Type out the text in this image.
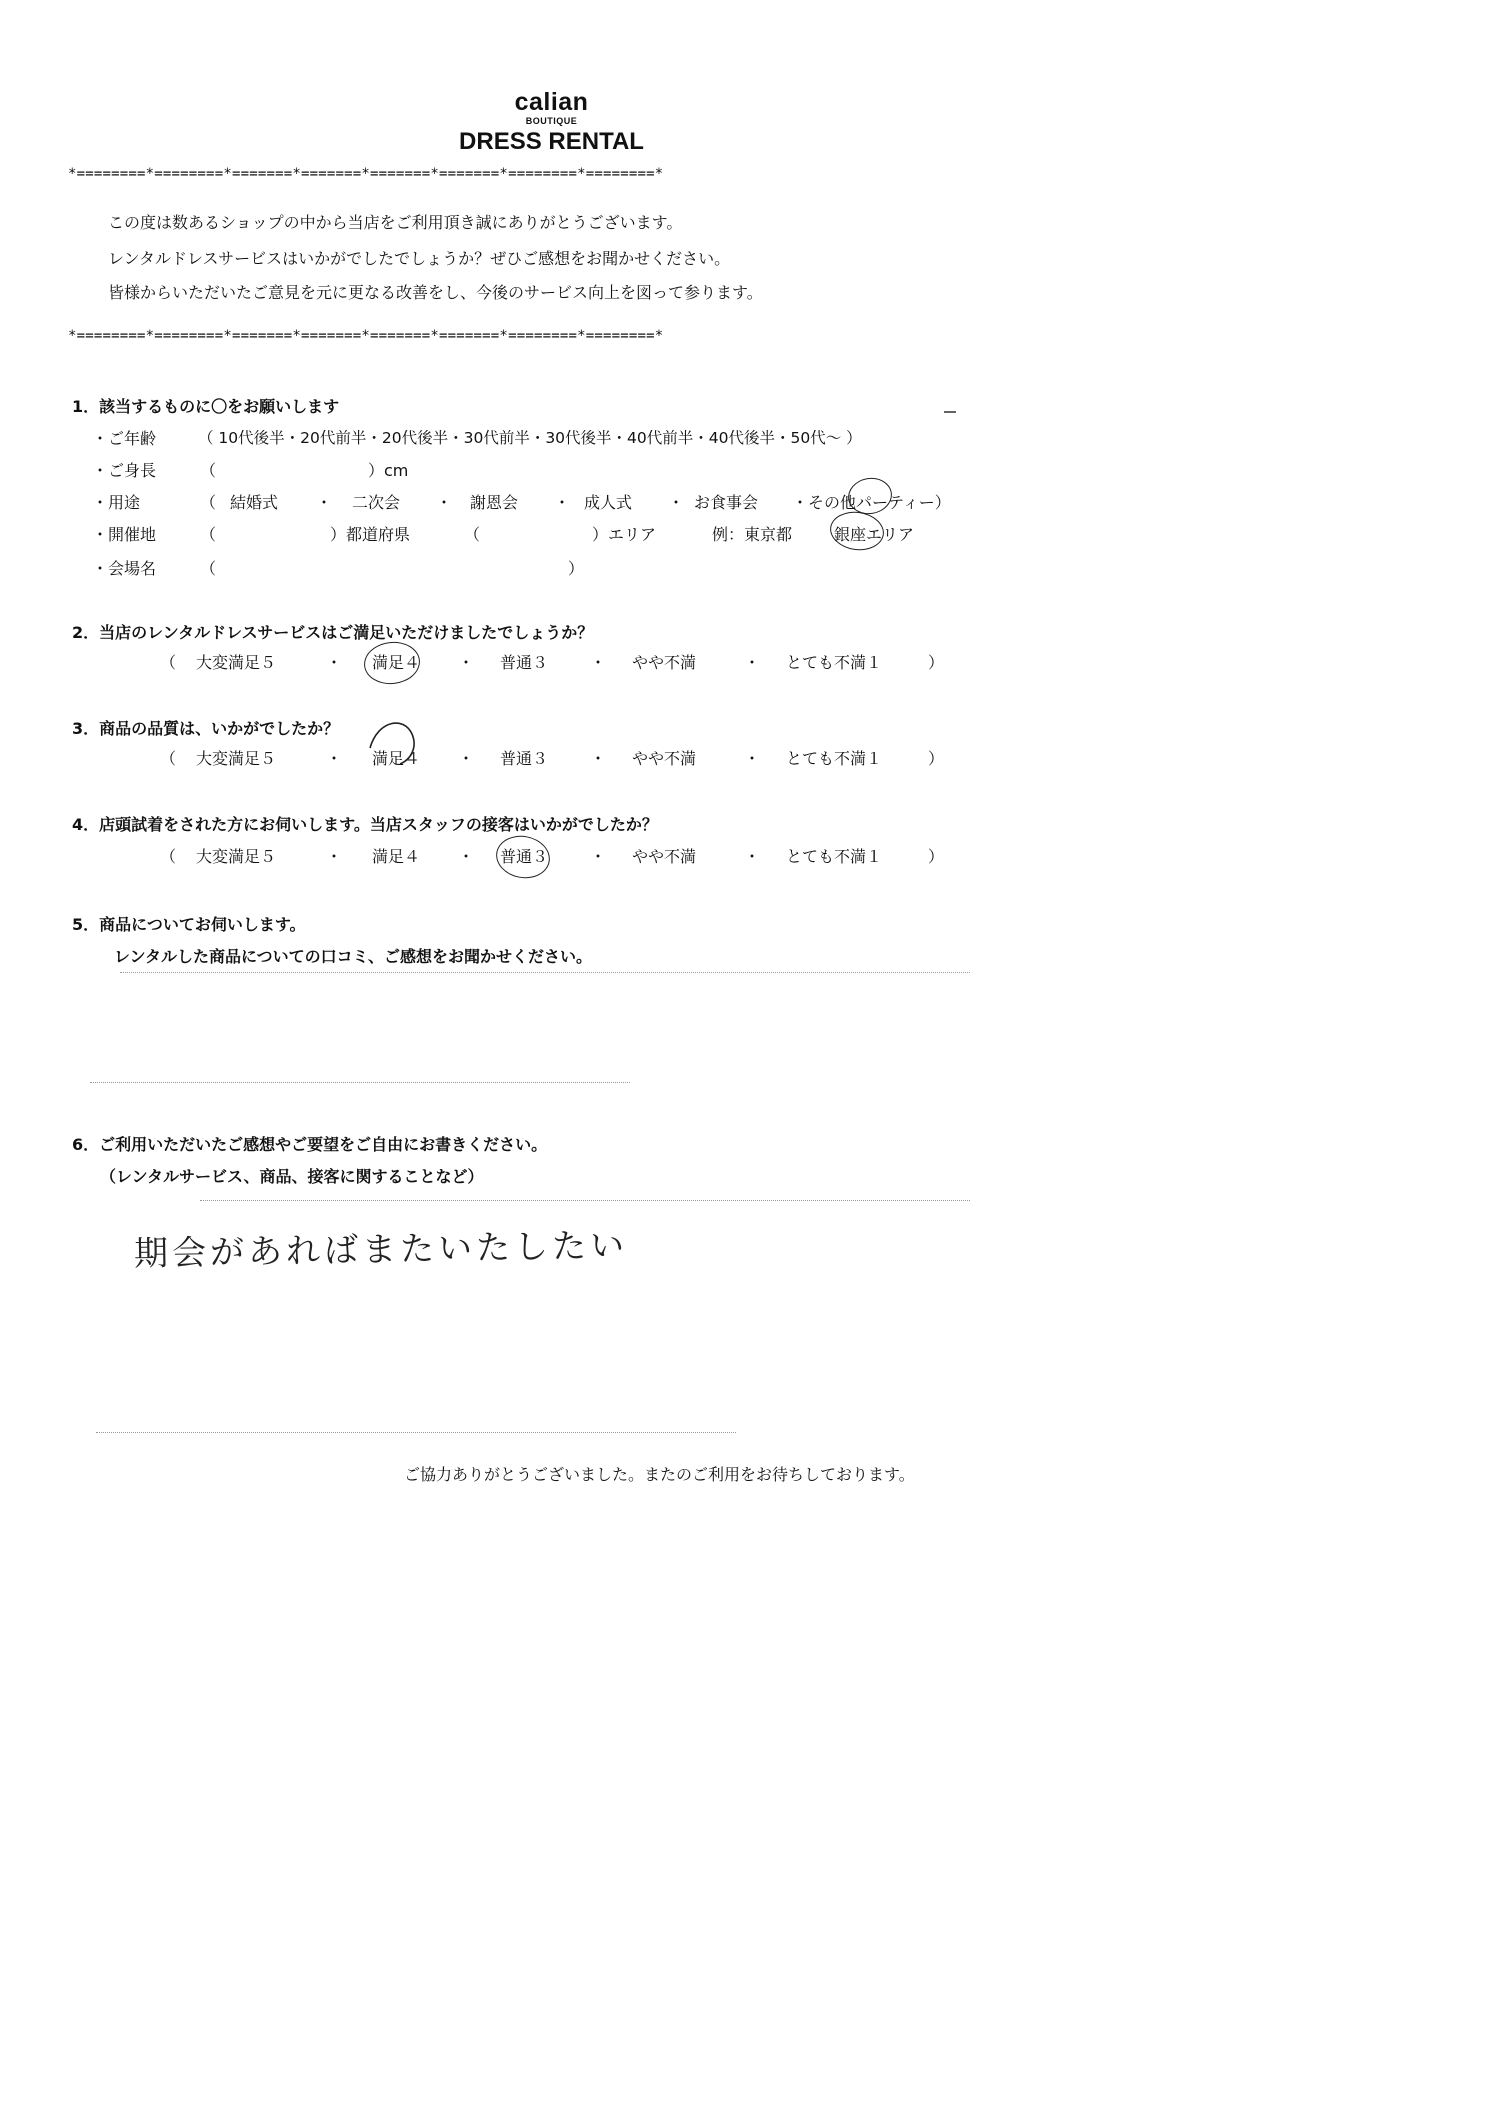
calian
BOUTIQUE
DRESS RENTAL
*========*========*=======*=======*=======*=======*========*========*
この度は数あるショップの中から当店をご利用頂き誠にありがとうございます。
レンタルドレスサービスはいかがでしたでしょうか？ぜひご感想をお聞かせください。
皆様からいただいたご意見を元に更なる改善をし、今後のサービス向上を図って参ります。
*========*========*=======*=======*=======*=======*========*========*
1．該当するものに〇をお願いします
・ご年齢	（ 10代後半・20代前半・20代後半・30代前半・30代後半・40代前半・40代後半・50代～ ）
・ご身長	（	）cm
・用途	（ 結婚式 ・ 二次会 ・ 謝恩会 ・ 成人式 ・ お食事会 ・その他パーティー）
・開催地	（	）都道府県	（	）エリア	例：東京都	銀座エリア
・会場名	（	）
2．当店のレンタルドレスサービスはご満足いただけましたでしょうか？
（ 大変満足５	・ 満足４ ・ 普通３	・ やや不満	・ とても不満１	）
3．商品の品質は、いかがでしたか？
（ 大変満足５	・ 満足４ ・ 普通３	・ やや不満	・ とても不満１	）
4．店頭試着をされた方にお伺いします。当店スタッフの接客はいかがでしたか？
（ 大変満足５	・ 満足４ ・ 普通３	・ やや不満	・ とても不満１	）
5．商品についてお伺いします。
レンタルした商品についての口コミ、ご感想をお聞かせください。
6．ご利用いただいたご感想やご要望をご自由にお書きください。
（レンタルサービス、商品、接客に関することなど）
期会があればまたいたしたい
ご協力ありがとうございました。またのご利用をお待ちしております。
